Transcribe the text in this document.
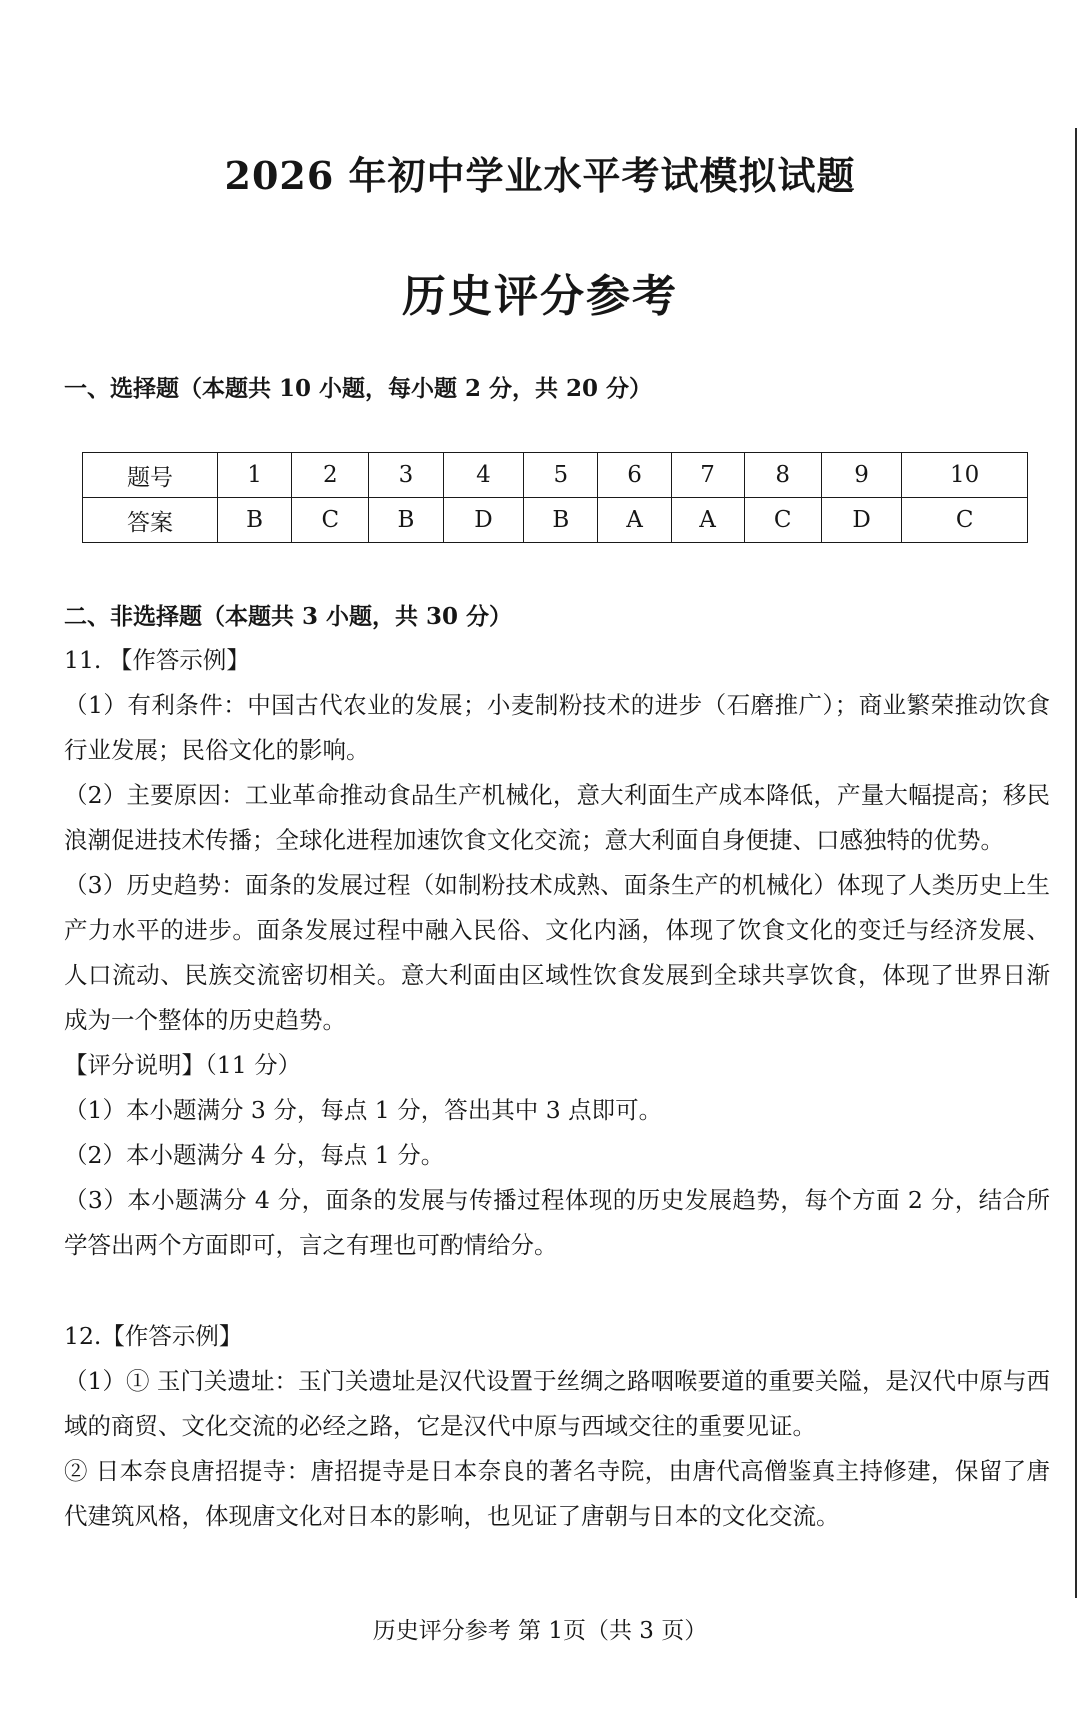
2026 年初中学业水平考试模拟试题
历史评分参考
一、选择题（本题共 10 小题，每小题 2 分，共 20 分）
题号	1	2	3	4	5	6	7	8	9	10
答案	B	C	B	D	B	A	A	C	D	C
二、非选择题（本题共 3 小题，共 30 分）

11. 【作答示例】

（1）有利条件：中国古代农业的发展；小麦制粉技术的进步（石磨推广）；商业繁荣推动饮食行业发展；民俗文化的影响。

（2）主要原因：工业革命推动食品生产机械化，意大利面生产成本降低，产量大幅提高；移民浪潮促进技术传播；全球化进程加速饮食文化交流；意大利面自身便捷、口感独特的优势。

（3）历史趋势：面条的发展过程（如制粉技术成熟、面条生产的机械化）体现了人类历史上生产力水平的进步。面条发展过程中融入民俗、文化内涵，体现了饮食文化的变迁与经济发展、人口流动、民族交流密切相关。意大利面由区域性饮食发展到全球共享饮食，体现了世界日渐成为一个整体的历史趋势。

【评分说明】（11 分）

（1）本小题满分 3 分，每点 1 分，答出其中 3 点即可。

（2）本小题满分 4 分，每点 1 分。

（3）本小题满分 4 分，面条的发展与传播过程体现的历史发展趋势，每个方面 2 分，结合所学答出两个方面即可，言之有理也可酌情给分。

12.【作答示例】

（1）① 玉门关遗址：玉门关遗址是汉代设置于丝绸之路咽喉要道的重要关隘，是汉代中原与西域的商贸、文化交流的必经之路，它是汉代中原与西域交往的重要见证。

② 日本奈良唐招提寺：唐招提寺是日本奈良的著名寺院，由唐代高僧鉴真主持修建，保留了唐代建筑风格，体现唐文化对日本的影响，也见证了唐朝与日本的文化交流。

历史评分参考 第 1页（共 3 页）
